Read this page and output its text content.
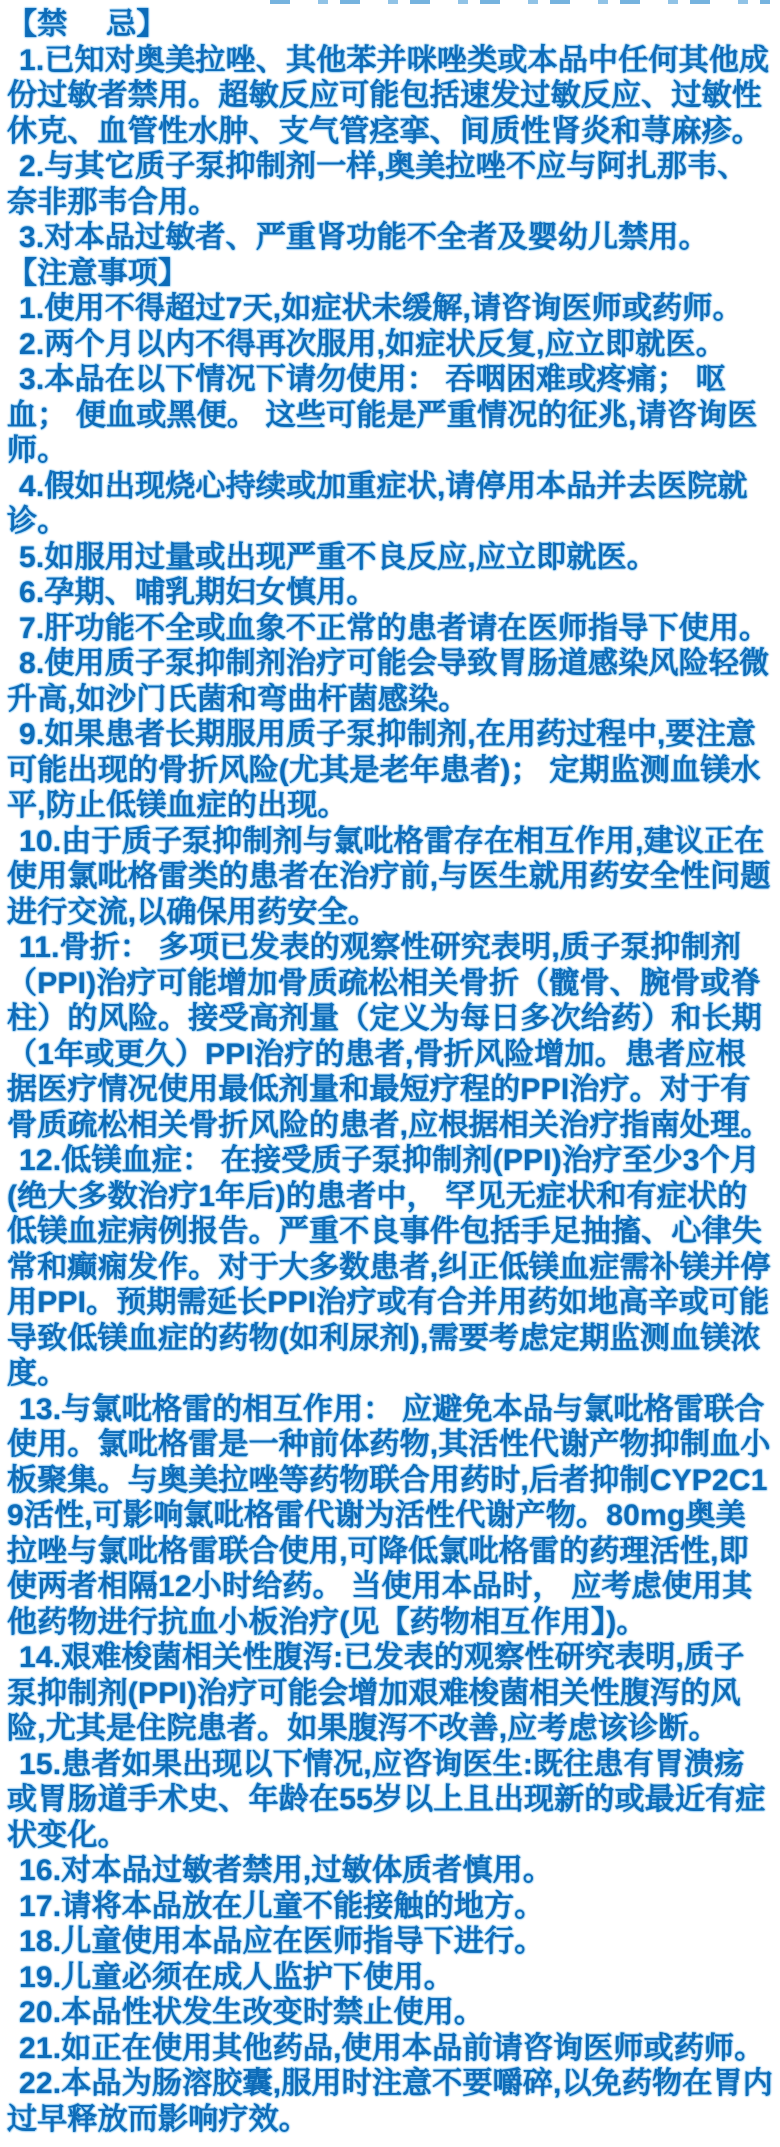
【禁　 忌】

1.已知对奥美拉唑、其他苯并咪唑类或本品中任何其他成份过敏者禁用。超敏反应可能包括速发过敏反应、过敏性休克、血管性水肿、支气管痉挛、间质性肾炎和荨麻疹。

2.与其它质子泵抑制剂一样,奥美拉唑不应与阿扎那韦、奈非那韦合用。

3.对本品过敏者、严重肾功能不全者及婴幼儿禁用。

【注意事项】

1.使用不得超过7天,如症状未缓解,请咨询医师或药师。

2.两个月以内不得再次服用,如症状反复,应立即就医。

3.本品在以下情况下请勿使用： 吞咽困难或疼痛； 呕血； 便血或黑便。 这些可能是严重情况的征兆,请咨询医师。

4.假如出现烧心持续或加重症状,请停用本品并去医院就诊。

5.如服用过量或出现严重不良反应,应立即就医。

6.孕期、哺乳期妇女慎用。

7.肝功能不全或血象不正常的患者请在医师指导下使用。

8.使用质子泵抑制剂治疗可能会导致胃肠道感染风险轻微升高,如沙门氏菌和弯曲杆菌感染。

9.如果患者长期服用质子泵抑制剂,在用药过程中,要注意可能出现的骨折风险(尤其是老年患者)； 定期监测血镁水平,防止低镁血症的出现。

10.由于质子泵抑制剂与氯吡格雷存在相互作用,建议正在使用氯吡格雷类的患者在治疗前,与医生就用药安全性问题进行交流,以确保用药安全。

11.骨折： 多项已发表的观察性研究表明,质子泵抑制剂（PPI)治疗可能增加骨质疏松相关骨折（髋骨、腕骨或脊柱）的风险。接受高剂量（定义为每日多次给药）和长期（1年或更久）PPI治疗的患者,骨折风险增加。患者应根据医疗情况使用最低剂量和最短疗程的PPI治疗。对于有骨质疏松相关骨折风险的患者,应根据相关治疗指南处理。

12.低镁血症： 在接受质子泵抑制剂(PPI)治疗至少3个月(绝大多数治疗1年后)的患者中， 罕见无症状和有症状的低镁血症病例报告。严重不良事件包括手足抽搐、心律失常和癫痫发作。对于大多数患者,纠正低镁血症需补镁并停用PPI。预期需延长PPI治疗或有合并用药如地高辛或可能导致低镁血症的药物(如利尿剂),需要考虑定期监测血镁浓度。

13.与氯吡格雷的相互作用： 应避免本品与氯吡格雷联合使用。氯吡格雷是一种前体药物,其活性代谢产物抑制血小板聚集。与奥美拉唑等药物联合用药时,后者抑制CYP2C19活性,可影响氯吡格雷代谢为活性代谢产物。80mg奥美拉唑与氯吡格雷联合使用,可降低氯吡格雷的药理活性,即使两者相隔12小时给药。 当使用本品时， 应考虑使用其他药物进行抗血小板治疗(见【药物相互作用】)。

14.艰难梭菌相关性腹泻:已发表的观察性研究表明,质子泵抑制剂(PPI)治疗可能会增加艰难梭菌相关性腹泻的风险,尤其是住院患者。如果腹泻不改善,应考虑该诊断。

15.患者如果出现以下情况,应咨询医生:既往患有胃溃疡或胃肠道手术史、年龄在55岁以上且出现新的或最近有症状变化。

16.对本品过敏者禁用,过敏体质者慎用。

17.请将本品放在儿童不能接触的地方。

18.儿童使用本品应在医师指导下进行。

19.儿童必须在成人监护下使用。

20.本品性状发生改变时禁止使用。

21.如正在使用其他药品,使用本品前请咨询医师或药师。

22.本品为肠溶胶囊,服用时注意不要嚼碎,以免药物在胃内过早释放而影响疗效。
